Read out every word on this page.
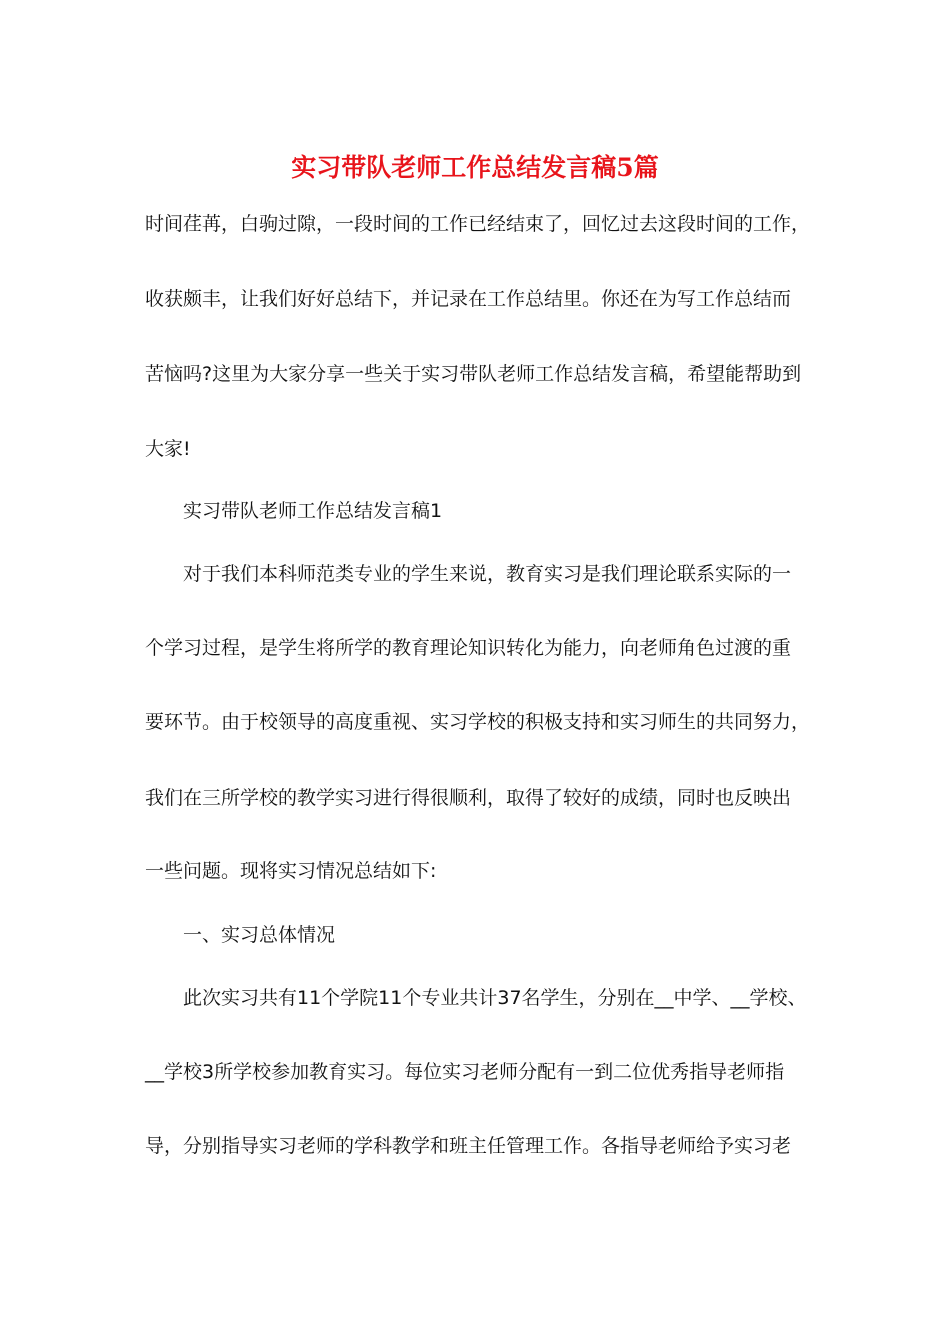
实习带队老师工作总结发言稿5篇

时间荏苒，白驹过隙，一段时间的工作已经结束了，回忆过去这段时间的工作，

收获颇丰，让我们好好总结下，并记录在工作总结里。你还在为写工作总结而

苦恼吗?这里为大家分享一些关于实习带队老师工作总结发言稿，希望能帮助到

大家!

实习带队老师工作总结发言稿1

对于我们本科师范类专业的学生来说，教育实习是我们理论联系实际的一

个学习过程，是学生将所学的教育理论知识转化为能力，向老师角色过渡的重

要环节。由于校领导的高度重视、实习学校的积极支持和实习师生的共同努力，

我们在三所学校的教学实习进行得很顺利，取得了较好的成绩，同时也反映出

一些问题。现将实习情况总结如下:

一、实习总体情况

此次实习共有11个学院11个专业共计37名学生，分别在__中学、__学校、

__学校3所学校参加教育实习。每位实习老师分配有一到二位优秀指导老师指

导，分别指导实习老师的学科教学和班主任管理工作。各指导老师给予实习老
